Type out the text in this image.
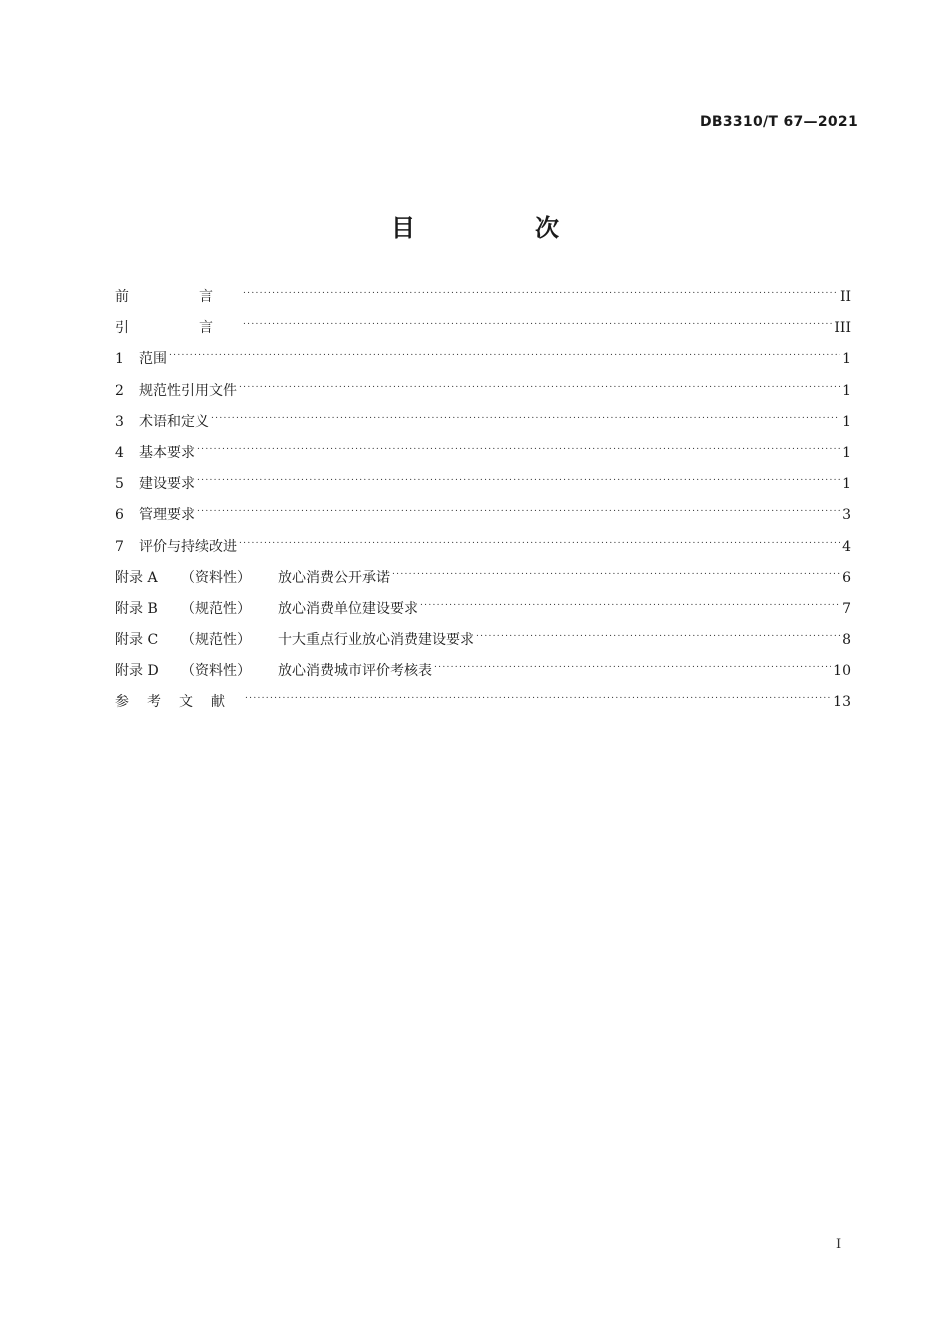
DB3310/T 67—2021
目　次
前　言 .....	II
引　言 .....	III
1 范围 .....	1
2 规范性引用文件 .....	1
3 术语和定义 .....	1
4 基本要求 .....	1
5 建设要求 .....	1
6 管理要求 .....	3
7 评价与持续改进 .....	4
附录 A （资料性） 放心消费公开承诺 .....	6
附录 B （规范性） 放心消费单位建设要求 .....	7
附录 C （规范性） 十大重点行业放心消费建设要求 .....	8
附录 D （资料性） 放心消费城市评价考核表 .....	10
参考文献 .....	13
I
